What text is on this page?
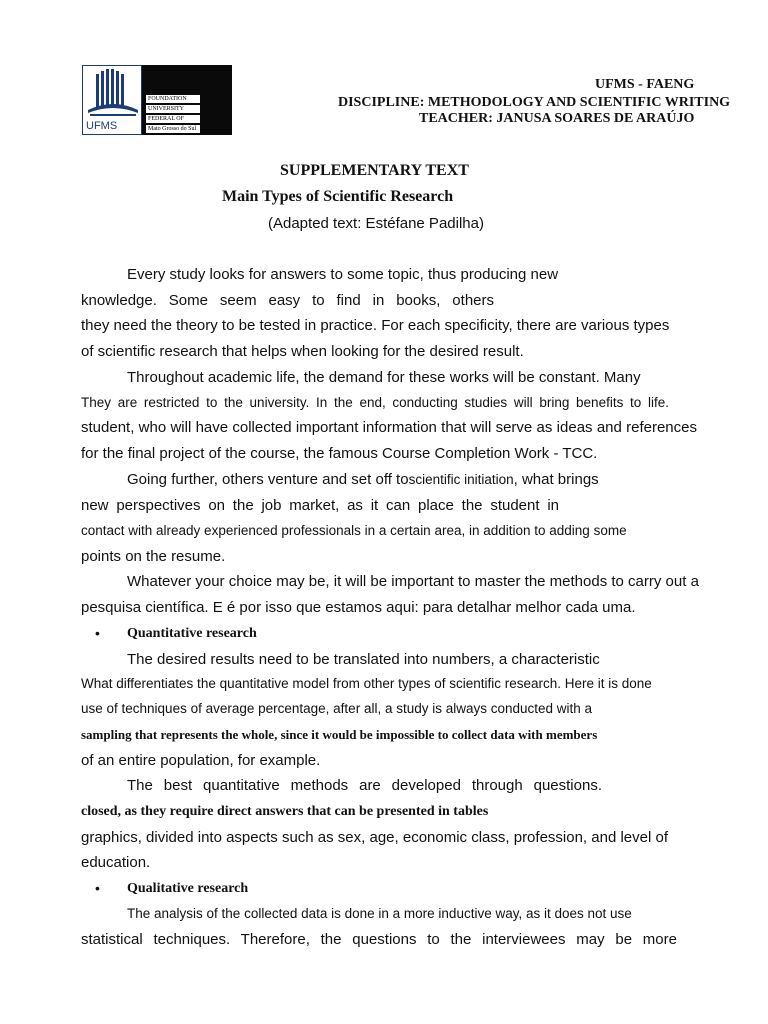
UFMS
FOUNDATION
UNIVERSITY
FEDERAL OF
Mato Grosso do Sul
UFMS - FAENG
DISCIPLINE: METHODOLOGY AND SCIENTIFIC WRITING
TEACHER: JANUSA SOARES DE ARAÚJO
SUPPLEMENTARY TEXT
Main Types of Scientific Research
(Adapted text: Estéfane Padilha)
Every study looks for answers to some topic, thus producing new
knowledge. Some seem easy to find in books, others
they need the theory to be tested in practice. For each specificity, there are various types
of scientific research that helps when looking for the desired result.
Throughout academic life, the demand for these works will be constant. Many
They are restricted to the university. In the end, conducting studies will bring benefits to life.
student, who will have collected important information that will serve as ideas and references
for the final project of the course, the famous Course Completion Work - TCC.
Going further, others venture and set off toscientific initiation, what brings
new perspectives on the job market, as it can place the student in
contact with already experienced professionals in a certain area, in addition to adding some
points on the resume.
Whatever your choice may be, it will be important to master the methods to carry out a
pesquisa científica. E é por isso que estamos aqui: para detalhar melhor cada uma.
• Quantitative research
The desired results need to be translated into numbers, a characteristic
What differentiates the quantitative model from other types of scientific research. Here it is done
use of techniques of average percentage, after all, a study is always conducted with a
sampling that represents the whole, since it would be impossible to collect data with members
of an entire population, for example.
The best quantitative methods are developed through questions.
closed, as they require direct answers that can be presented in tables
graphics, divided into aspects such as sex, age, economic class, profession, and level of
education.
• Qualitative research
The analysis of the collected data is done in a more inductive way, as it does not use
statistical techniques. Therefore, the questions to the interviewees may be more
